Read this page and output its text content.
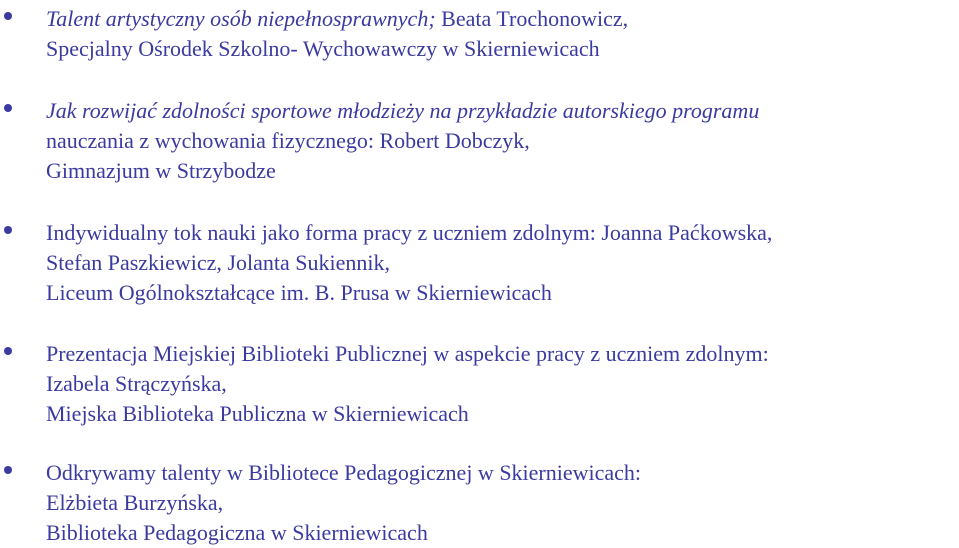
Talent artystyczny osób niepełnosprawnych; Beata Trochonowicz,
Specjalny Ośrodek Szkolno- Wychowawczy w Skierniewicach
Jak rozwijać zdolności sportowe młodzieży na przykładzie autorskiego programu
nauczania z wychowania fizycznego: Robert Dobczyk,
Gimnazjum w Strzybodze
Indywidualny tok nauki jako forma pracy z uczniem zdolnym: Joanna Paćkowska,
Stefan Paszkiewicz, Jolanta Sukiennik,
Liceum Ogólnokształcące im. B. Prusa w Skierniewicach
Prezentacja Miejskiej Biblioteki Publicznej w aspekcie pracy z uczniem zdolnym:
Izabela Strączyńska,
Miejska Biblioteka Publiczna w Skierniewicach
Odkrywamy talenty w Bibliotece Pedagogicznej w Skierniewicach:
Elżbieta Burzyńska,
Biblioteka Pedagogiczna w Skierniewicach
